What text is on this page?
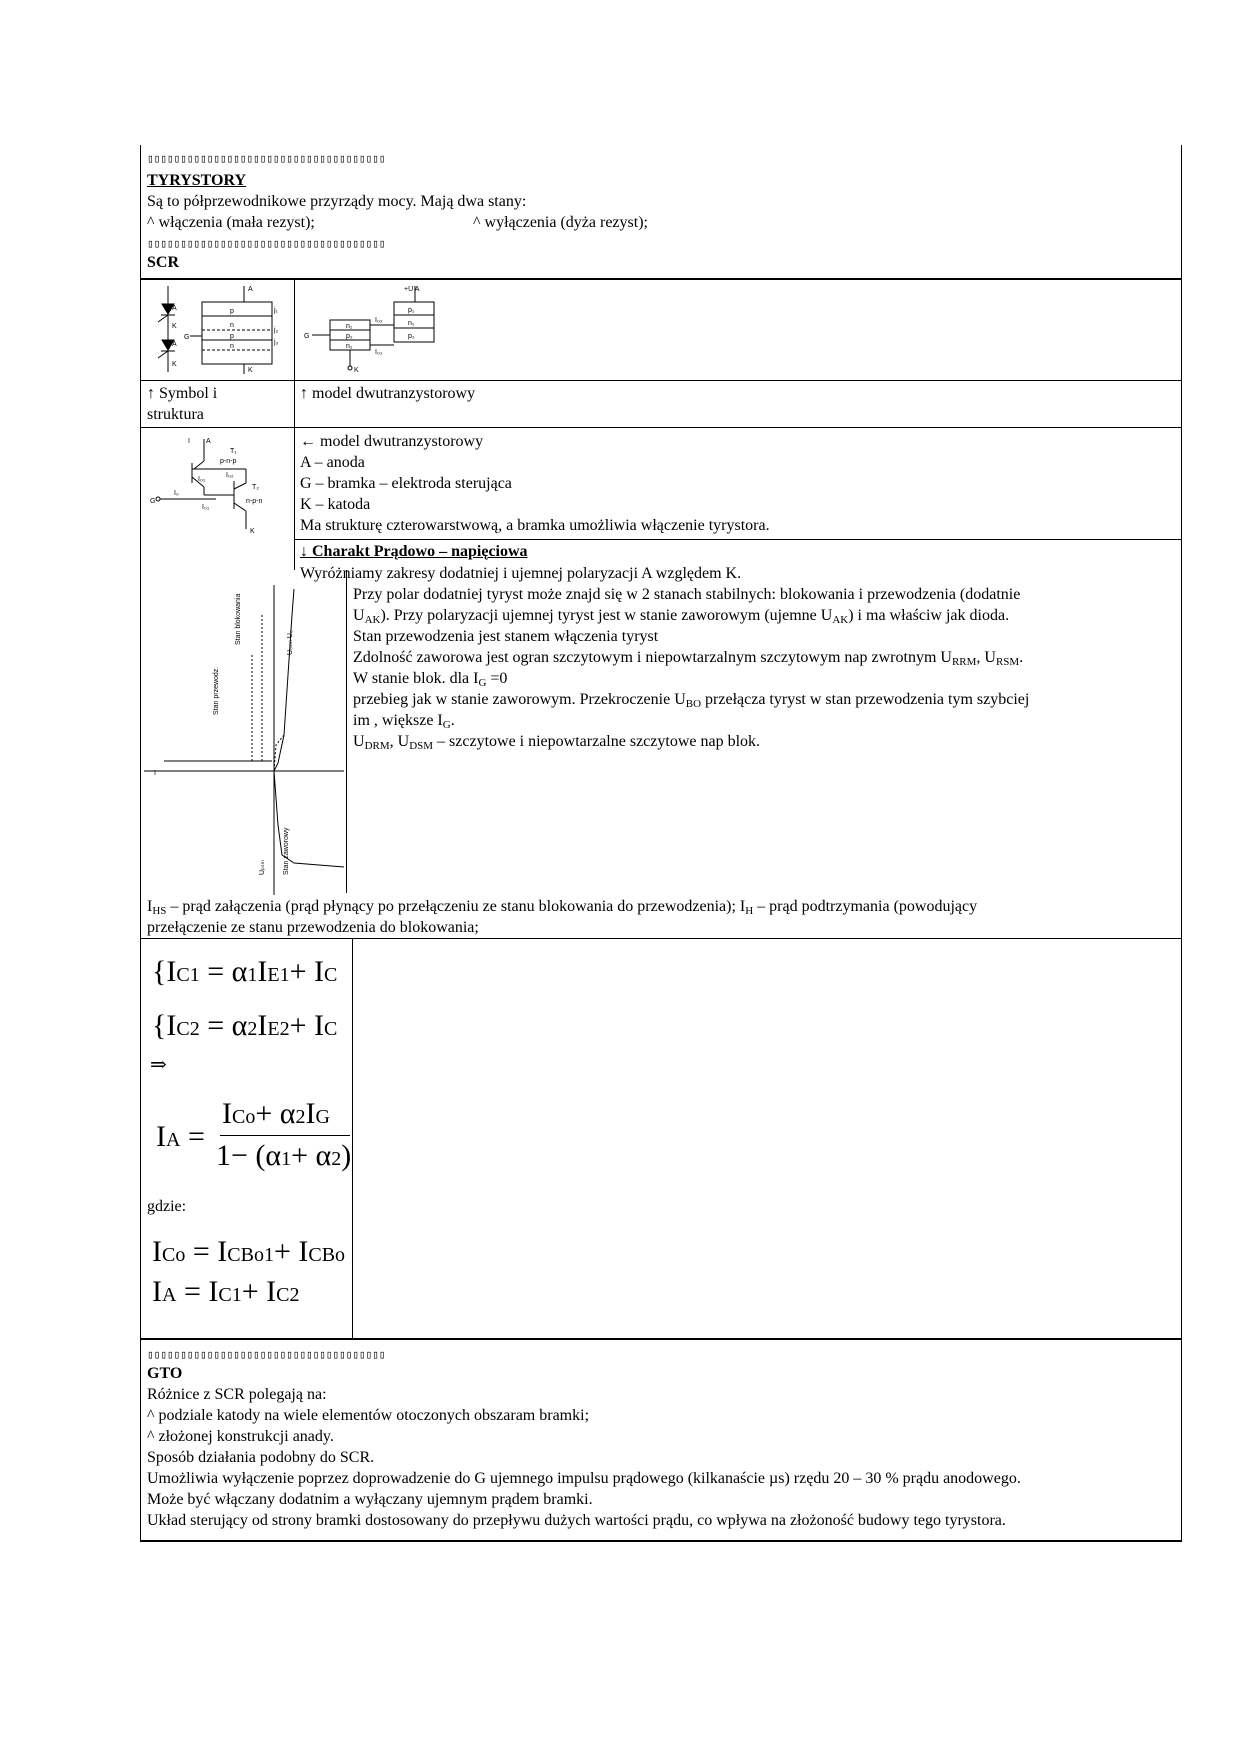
▯▯▯▯▯▯▯▯▯▯▯▯▯▯▯▯▯▯▯▯▯▯▯▯▯▯▯▯▯▯▯▯▯▯▯▯
TYRYSTORY
Są to półprzewodnikowe przyrządy mocy. Mają dwa stany:
^ włączenia (mała rezyst);	^ wyłączenia (dyża rezyst);
▯▯▯▯▯▯▯▯▯▯▯▯▯▯▯▯▯▯▯▯▯▯▯▯▯▯▯▯▯▯▯▯▯▯▯▯
SCR
A
K
G
p
n
p
n
j₁
j₂
j₃
A
K
A
K
+U A
G
n₁
p₂
n₂
p₁
n₁
p₂
I₀₂
I₀₁
K
↑ Symbol i
struktura
↑ model dwutranzystorowy
I A
T₁
p-n-p
T₂
n-p-n
I₀₁
I₀₂
G
I₀
I₀₁
K
← model dwutranzystorowy
A – anoda
G – bramka – elektroda sterująca
K – katoda
Ma strukturę czterowarstwową, a bramka umożliwia włączenie tyrystora.
↓ Charakt Prądowo – napięciowa
Wyróżniamy zakresy dodatniej i ujemnej polaryzacji A względem K.
I
Stan przewodz.
Stan blokowania	U₀ₛₘ U₀
Uₚₛₘ Stan zaworowy
Przy polar dodatniej tyryst może znajd się w 2 stanach stabilnych: blokowania i przewodzenia (dodatnie
$U_{AK}$). Przy polaryzacji ujemnej tyryst jest w stanie zaworowym (ujemne $U_{AK}$) i ma właściw jak dioda.
Stan przewodzenia jest stanem włączenia tyryst
Zdolność zaworowa jest ogran szczytowym i niepowtarzalnym szczytowym nap zwrotnym $U_{RRM}$, $U_{RSM}$.
W stanie blok. dla $I_G =0$
przebieg jak w stanie zaworowym. Przekroczenie $U_{BO}$ przełącza tyryst w stan przewodzenia tym szybciej
im , większe $I_G$.
$U_{DRM}$, $U_{DSM}$ – szczytowe i niepowtarzalne szczytowe nap blok.
$I_{HS}$ – prąd załączenia (prąd płynący po przełączeniu ze stanu blokowania do przewodzenia); $I_H$ – prąd podtrzymania (powodujący
przełączenie ze stanu przewodzenia do blokowania;
{IC1 = α1IE1+ IC
{IC2 = α2IE2+ IC
⇒
IA =
ICo+ α2IG
1− (α1+ α2)
gdzie:
ICo = ICBo1+ ICBo
IA = IC1+ IC2
▯▯▯▯▯▯▯▯▯▯▯▯▯▯▯▯▯▯▯▯▯▯▯▯▯▯▯▯▯▯▯▯▯▯▯▯
GTO
Różnice z SCR polegają na:
^ podziale katody na wiele elementów otoczonych obszaram bramki;
^ złożonej konstrukcji anady.
Sposób działania podobny do SCR.
Umożliwia wyłączenie poprzez doprowadzenie do G ujemnego impulsu prądowego (kilkanaście µs) rzędu 20 – 30 % prądu anodowego.
Może być włączany dodatnim a wyłączany ujemnym prądem bramki.
Układ sterujący od strony bramki dostosowany do przepływu dużych wartości prądu, co wpływa na złożoność budowy tego tyrystora.
